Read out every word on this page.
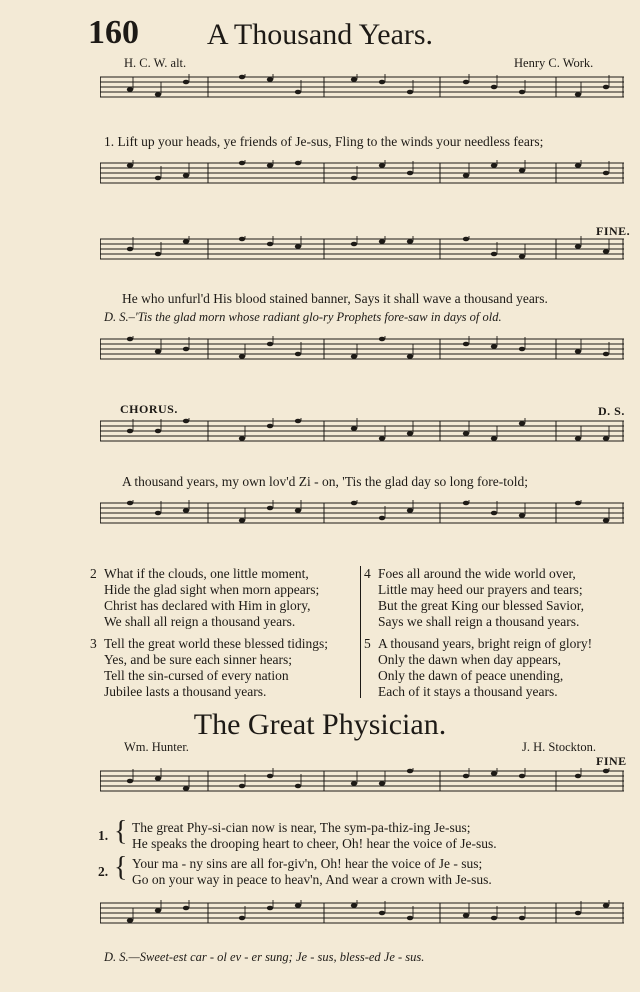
160	A Thousand Years.
H. C. W. alt.	Henry C. Work.
1. Lift up your heads, ye friends of Je-sus, Fling to the winds your needless fears;
FINE.
He who unfurl'd His blood stained banner, Says it shall wave a thousand years.
D. S.–'Tis the glad morn whose radiant glo-ry Prophets fore-saw in days of old.
CHORUS.	D. S.
A thousand years, my own lov'd Zi - on, 'Tis the glad day so long fore-told;
2 What if the clouds, one little moment,
Hide the glad sight when morn appears;
Christ has declared with Him in glory,
We shall all reign a thousand years.
3 Tell the great world these blessed tidings;
Yes, and be sure each sinner hears;
Tell the sin-cursed of every nation
Jubilee lasts a thousand years.
4 Foes all around the wide world over,
Little may heed our prayers and tears;
But the great King our blessed Savior,
Says we shall reign a thousand years.
5 A thousand years, bright reign of glory!
Only the dawn when day appears,
Only the dawn of peace unending,
Each of it stays a thousand years.
The Great Physician.
Wm. Hunter.	J. H. Stockton.
FINE
1. { The great Phy-si-cian now is near, The sym-pa-thiz-ing Je-sus;
He speaks the drooping heart to cheer, Oh! hear the voice of Je-sus.
2. { Your ma - ny sins are all for-giv'n, Oh! hear the voice of Je - sus;
Go on your way in peace to heav'n, And wear a crown with Je-sus.
D. S.—Sweet-est car - ol ev - er sung; Je - sus, bless-ed Je - sus.
